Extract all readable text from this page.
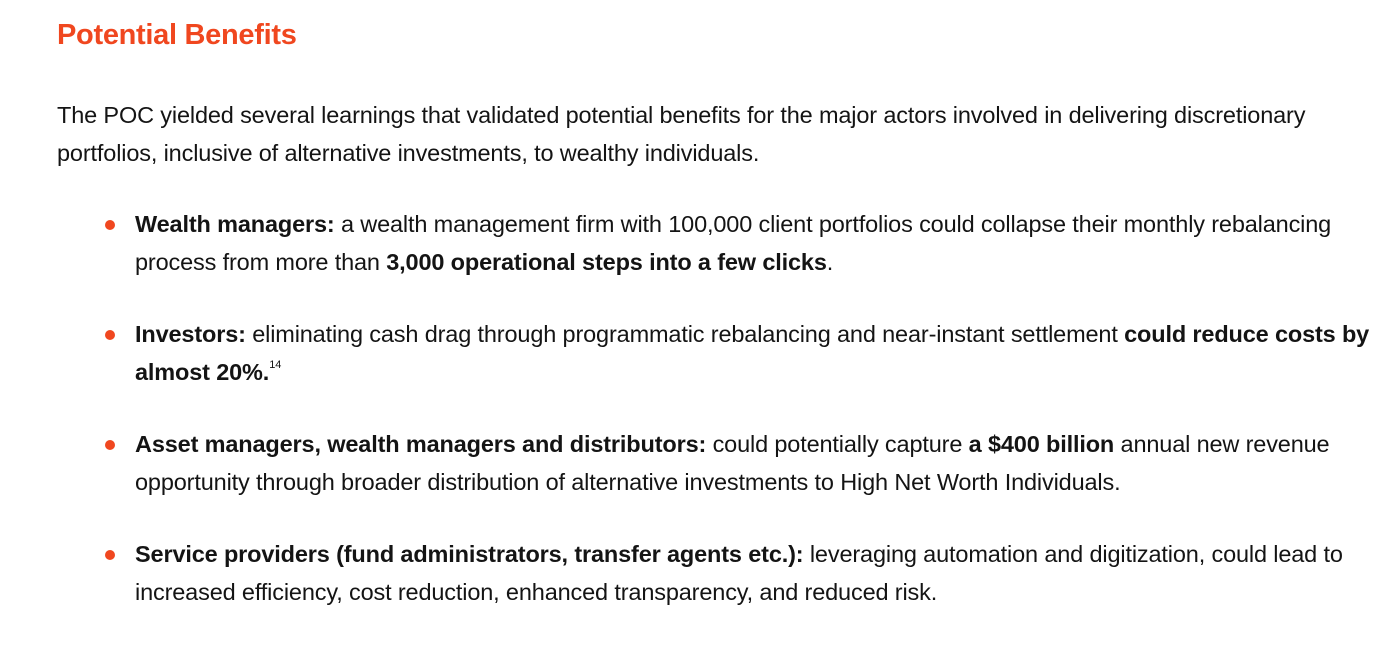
Potential Benefits

The POC yielded several learnings that validated potential benefits for the major actors involved in delivering discretionary portfolios, inclusive of alternative investments, to wealthy individuals.

Wealth managers: a wealth management firm with 100,000 client portfolios could collapse their monthly rebalancing process from more than 3,000 operational steps into a few clicks.
Investors: eliminating cash drag through programmatic rebalancing and near-instant settlement could reduce costs by almost 20%.$^{14}$
Asset managers, wealth managers and distributors: could potentially capture a $400 billion annual new revenue opportunity through broader distribution of alternative investments to High Net Worth Individuals.
Service providers (fund administrators, transfer agents etc.): leveraging automation and digitization, could lead to increased efficiency, cost reduction, enhanced transparency, and reduced risk.
